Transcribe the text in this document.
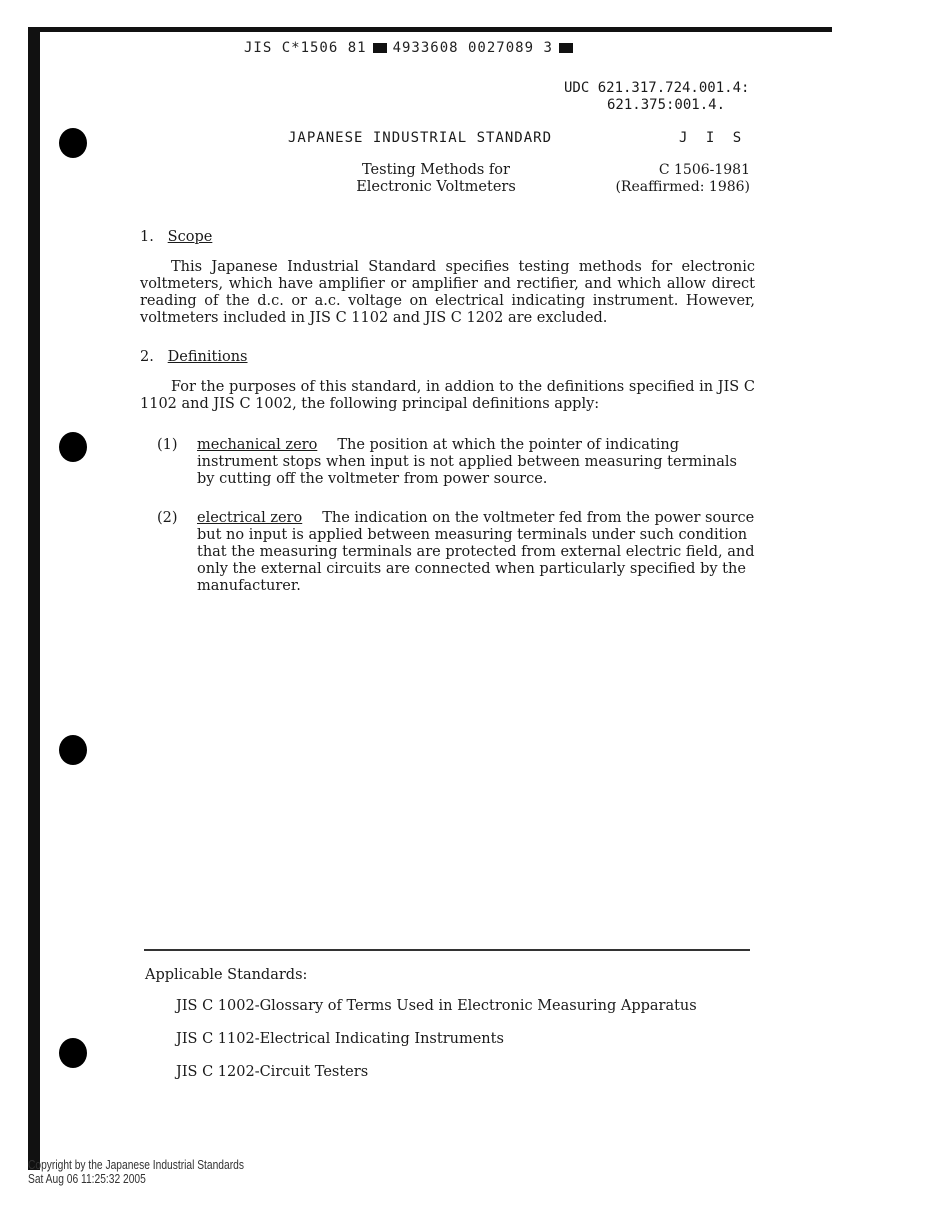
JIS C*1506 81 4933608 0027089 3
UDC 621.317.724.001.4:
621.375:001.4.
JAPANESE INDUSTRIAL STANDARD	J I S
Testing Methods for
Electronic Voltmeters
C 1506-1981
(Reaffirmed: 1986)
1. Scope
This Japanese Industrial Standard specifies testing methods for electronic voltmeters, which have amplifier or amplifier and rectifier, and which allow direct reading of the d.c. or a.c. voltage on electrical indicating instrument. However, voltmeters included in JIS C 1102 and JIS C 1202 are excluded.
2. Definitions
For the purposes of this standard, in addion to the definitions specified in JIS C 1102 and JIS C 1002, the following principal definitions apply:
(1) mechanical zero The position at which the pointer of indicating instrument stops when input is not applied between measuring terminals by cutting off the voltmeter from power source.
(2) electrical zero The indication on the voltmeter fed from the power source but no input is applied between measuring terminals under such condition that the measuring terminals are protected from external electric field, and only the external circuits are connected when particularly specified by the manufacturer.
Applicable Standards:
JIS C 1002-Glossary of Terms Used in Electronic Measuring Apparatus
JIS C 1102-Electrical Indicating Instruments
JIS C 1202-Circuit Testers
Copyright by the Japanese Industrial Standards
Sat Aug 06 11:25:32 2005
